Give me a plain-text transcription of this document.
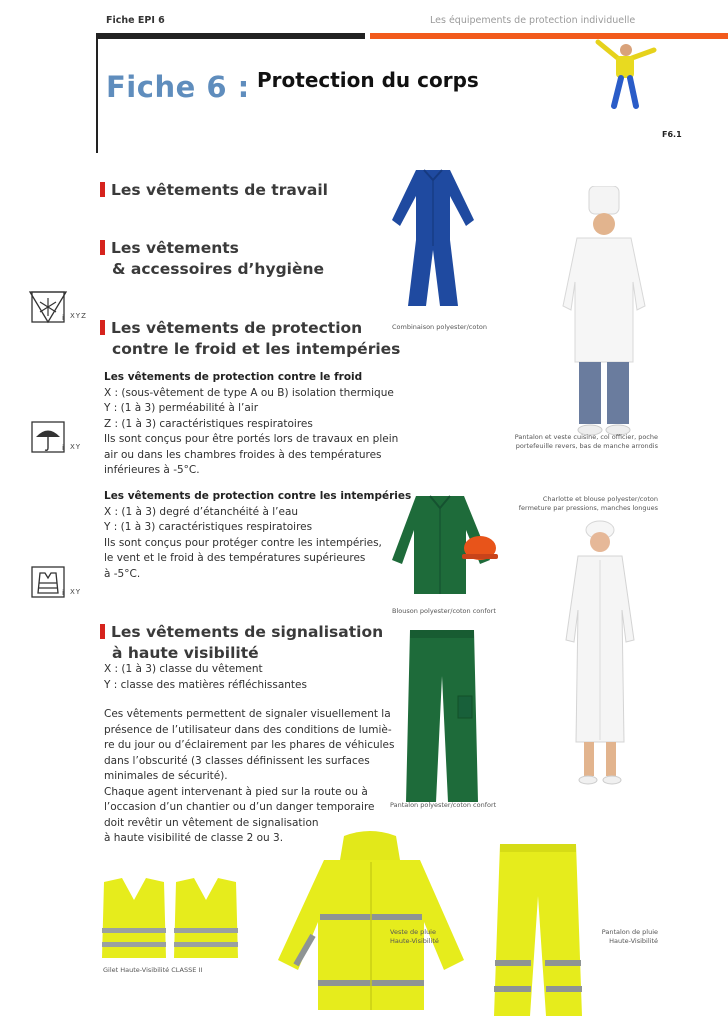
Fiche EPI 6	Les équipements de protection individuelle
Fiche 6 : Protection du corps
F6.1
Les vêtements de travail
Les vêtements
& accessoires d’hygiène
Les vêtements de protection
contre le froid et les intempéries
Les vêtements de protection contre le froid
X : (sous-vêtement de type A ou B) isolation thermique
Y : (1 à 3) perméabilité à l’air
Z : (1 à 3) caractéristiques respiratoires
Ils sont conçus pour être portés lors de travaux en plein
air ou dans les chambres froides à des températures
inférieures à -5°C.
Les vêtements de protection contre les intempéries
X : (1 à 3) degré d’étanchéité à l’eau
Y : (1 à 3) caractéristiques respiratoires
Ils sont conçus pour protéger contre les intempéries,
le vent et le froid à des températures supérieures
à -5°C.
Les vêtements de signalisation
à haute visibilité
X : (1 à 3) classe du vêtement
Y : classe des matières réfléchissantes
Ces vêtements permettent de signaler visuellement la
présence de l’utilisateur dans des conditions de lumiè-
re du jour ou d’éclairement par les phares de véhicules
dans l’obscurité (3 classes définissent les surfaces
minimales de sécurité).
Chaque agent intervenant à pied sur la route ou à
l’occasion d’un chantier ou d’un danger temporaire
doit revêtir un vêtement de signalisation
à haute visibilité de classe 2 ou 3.
i XYZ
i XY
i XY
Combinaison polyester/coton
Pantalon et veste cuisine, col officier, poche
portefeuille revers, bas de manche arrondis
Charlotte et blouse polyester/coton
fermeture par pressions, manches longues
Blouson polyester/coton confort
Pantalon polyester/coton confort
Gilet Haute-Visibilité CLASSE II
Veste de pluie
Haute-Visibilité
Pantalon de pluie
Haute-Visibilité
